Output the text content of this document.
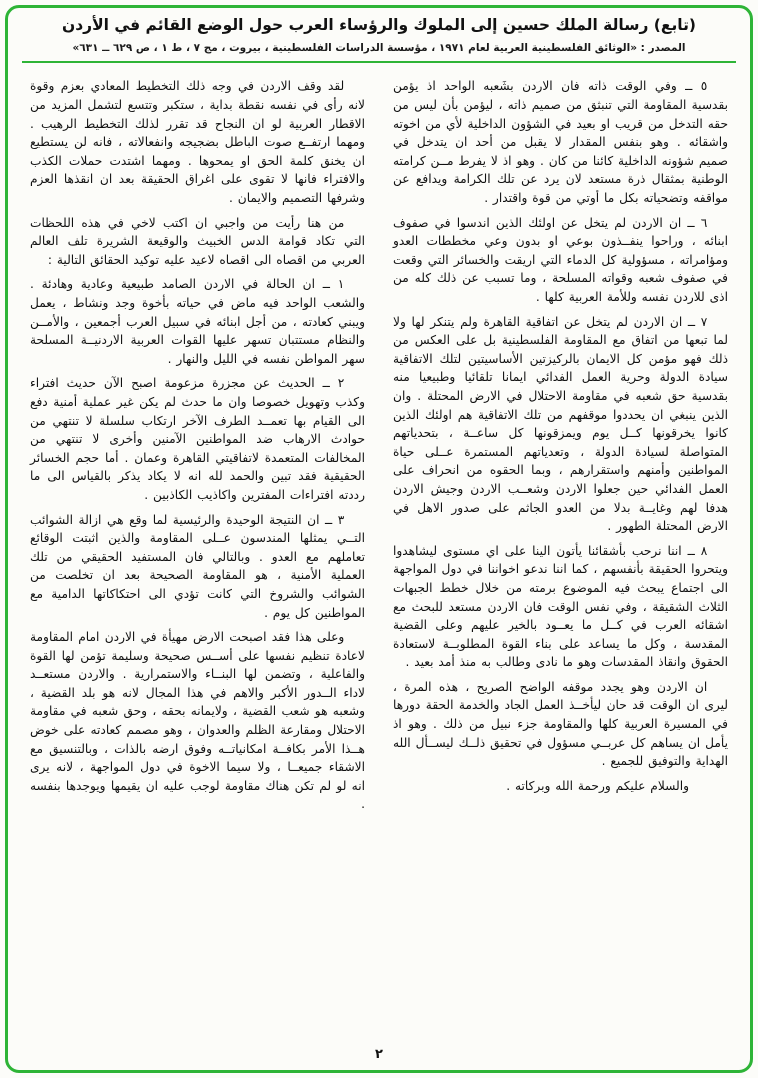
(تابع) رسالة الملك حسين إلى الملوك والرؤساء العرب حول الوضع القائم في الأردن

المصدر : «الوثائق الفلسطينية العربية لعام ١٩٧١ ، مؤسسة الدراسات الفلسطينية ، بيروت ، مج ٧ ، ط ١ ، ص ٦٢٩ ــ ٦٣١»

٥ ــ وفي الوقت ذاته فان الاردن بشَعبه الواحد اذ يؤمن بقدسية المقاومة التي تنبثق من صميم ذاته ، ليؤمن بأن ليس من حقه التدخل من قريب او بعيد في الشؤون الداخلية لأي من اخوته واشقائه . وهو بنفس المقدار لا يقبل من أحد ان يتدخل في صميم شؤونه الداخلية كائنا من كان . وهو اذ لا يفرط مــن كرامته الوطنية بمثقال ذرة مستعد لان يرد عن تلك الكرامة ويدافع عن مواقفه وتضحياته بكل ما أوتي من قوة واقتدار .

٦ ــ ان الاردن لم يتخل عن اولئك الذين اندسوا في صفوف ابنائه ، وراحوا ينفــذون بوعي او بدون وعي مخططات العدو ومؤامراته ، مسؤولية كل الدماء التي اريقت والخسائر التي وقعت في صفوف شعبه وقواته المسلحة ، وما تسبب عن ذلك كله من اذى للاردن نفسه وللأمة العربية كلها .

٧ ــ ان الاردن لم يتخل عن اتفاقية القاهرة ولم يتنكر لها ولا لما تبعها من اتفاق مع المقاومة الفلسطينية بل على العكس من ذلك فهو مؤمن كل الايمان بالركيزتين الأساسيتين لتلك الاتفاقية سيادة الدولة وحرية العمل الفدائي ايمانا تلقائيا وطبيعيا منه بقدسية حق شعبه في مقاومة الاحتلال في الارض المحتلة . وان الذين ينبغي ان يحددوا موقفهم من تلك الاتفاقية هم اولئك الذين كانوا يخرقونها كــل يوم ويمزقونها كل ساعــة ، بتحدياتهم المتواصلة لسيادة الدولة ، وتعدياتهم المستمرة عــلى حياة المواطنين وأمنهم واستقرارهم ، وبما الحقوه من انحراف على العمل الفدائي حين جعلوا الاردن وشعــب الاردن وجيش الاردن هدفا لهم وغايــة بدلا من العدو الجاثم على صدور الاهل في الارض المحتلة الطهور .

٨ ــ اننا نرحب بأشقائنا يأتون الينا على اي مستوى ليشاهدوا ويتحروا الحقيقة بأنفسهم ، كما اننا ندعو اخواننا في دول المواجهة الى اجتماع يبحث فيه الموضوع برمته من خلال خطط الجبهات الثلاث الشقيقة ، وفي نفس الوقت فان الاردن مستعد للبحث مع اشقائه العرب في كــل ما يعــود بالخير عليهم وعلى القضية المقدسة ، وكل ما يساعد على بناء القوة المطلوبــة لاستعادة الحقوق وانقاذ المقدسات وهو ما نادى وطالب به منذ أمد بعيد .

ان الاردن وهو يجدد موقفه الواضح الصريح ، هذه المرة ، ليرى ان الوقت قد حان ليأخــذ العمل الجاد والخدمة الحقة دورها في المسيرة العربية كلها والمقاومة جزء نبيل من ذلك . وهو اذ يأمل ان يساهم كل عربــي مسؤول في تحقيق ذلــك ليســأل الله الهداية والتوفيق للجميع .

والسلام عليكم ورحمة الله وبركاته .

لقد وقف الاردن في وجه ذلك التخطيط المعادي بعزم وقوة لانه رأى في نفسه نقطة بداية ، ستكبر وتتسع لتشمل المزيد من الاقطار العربية لو ان النجاح قد تقرر لذلك التخطيط الرهيب . ومهما ارتفــع صوت الباطل بضجيجه وانفعالاته ، فانه لن يستطيع ان يخنق كلمة الحق او يمحوها . ومهما اشتدت حملات الكذب والافتراء فانها لا تقوى على اغراق الحقيقة بعد ان انقذها العزم وشرفها التصميم والايمان .

من هنا رأيت من واجبي ان اكتب لاخي في هذه اللحظات التي تكاد قوامة الدس الخبيث والوقيعة الشريرة تلف العالم العربي من اقصاه الى اقصاه لاعيد عليه توكيد الحقائق التالية :

١ ــ ان الحالة في الاردن الصامد طبيعية وعادية وهادئة . والشعب الواحد فيه ماض في حياته بأخوة وجد ونشاط ، يعمل ويبني كعادته ، من أجل ابنائه في سبيل العرب أجمعين ، والأمــن والنظام مستتبان تسهر عليها القوات العربية الاردنيــة المسلحة سهر المواطن نفسه في الليل والنهار .

٢ ــ الحديث عن مجزرة مزعومة اصبح الآن حديث افتراء وكذب وتهويل خصوصا وان ما حدث لم يكن غير عملية أمنية دفع الى القيام بها تعمــد الطرف الآخر ارتكاب سلسلة لا تنتهي من حوادث الارهاب ضد المواطنين الآمنين وأخرى لا تنتهي من المخالفات المتعمدة لاتفاقيتي القاهرة وعمان . أما حجم الخسائر الحقيقية فقد تبين والحمد لله انه لا يكاد يذكر بالقياس الى ما رددته افتراءات المفترين واكاذيب الكاذبين .

٣ ــ ان النتيجة الوحيدة والرئيسية لما وقع هي ازالة الشوائب التــي يمثلها المندسون عــلى المقاومة والذين اثبتت الوقائع تعاملهم مع العدو . وبالتالي فان المستفيد الحقيقي من تلك العملية الأمنية ، هو المقاومة الصحيحة بعد ان تخلصت من الشوائب والشروخ التي كانت تؤدي الى احتكاكاتها الدامية مع المواطنين كل يوم .

وعلى هذا فقد اصبحت الارض مهيأة في الاردن امام المقاومة لاعادة تنظيم نفسها على أســس صحيحة وسليمة تؤمن لها القوة والفاعلية ، وتضمن لها البنــاء والاستمرارية . والاردن مستعــد لاداء الــدور الأكبر والاهم في هذا المجال لانه هو بلد القضية ، وشعبه هو شعب القضية ، ولايمانه بحقه ، وحق شعبه في مقاومة الاحتلال ومقارعة الظلم والعدوان ، وهو مصمم كعادته على خوض هــذا الأمر بكافــة امكانياتــه وفوق ارضه بالذات ، وبالتنسيق مع الاشقاء جميعــا ، ولا سيما الاخوة في دول المواجهة ، لانه يرى انه لو لم تكن هناك مقاومة لوجب عليه ان يقيمها ويوجدها بنفسه .

٢
